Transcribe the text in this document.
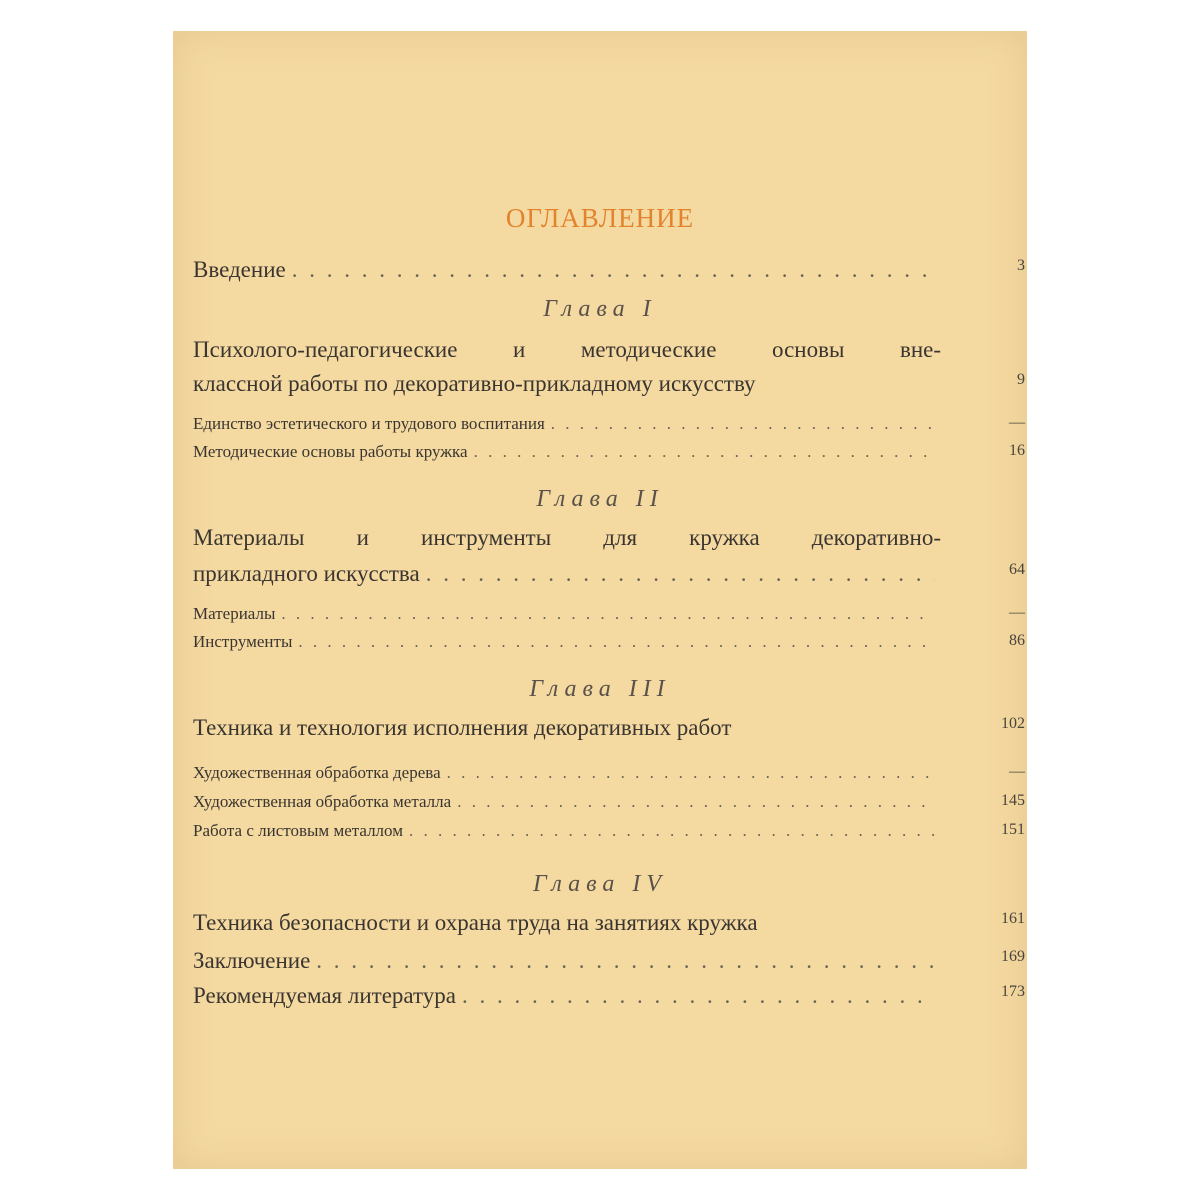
ОГЛАВЛЕНИЕ
Введение . . .	3
Глава I
Психолого-педагогические и методические основы вне-
классной работы по декоративно-прикладному искусству	9
Единство эстетического и трудового воспитания . . .	—
Методические основы работы кружка . . .	16
Глава II
Материалы и инструменты для кружка декоративно-
прикладного искусства . . .	64
Материалы . . .	—
Инструменты . . .	86
Глава III
Техника и технология исполнения декоративных работ	102
Художественная обработка дерева . . .	—
Художественная обработка металла . . .	145
Работа с листовым металлом . . .	151
Глава IV
Техника безопасности и охрана труда на занятиях кружка	161
Заключение . . .	169
Рекомендуемая литература . . .	173
